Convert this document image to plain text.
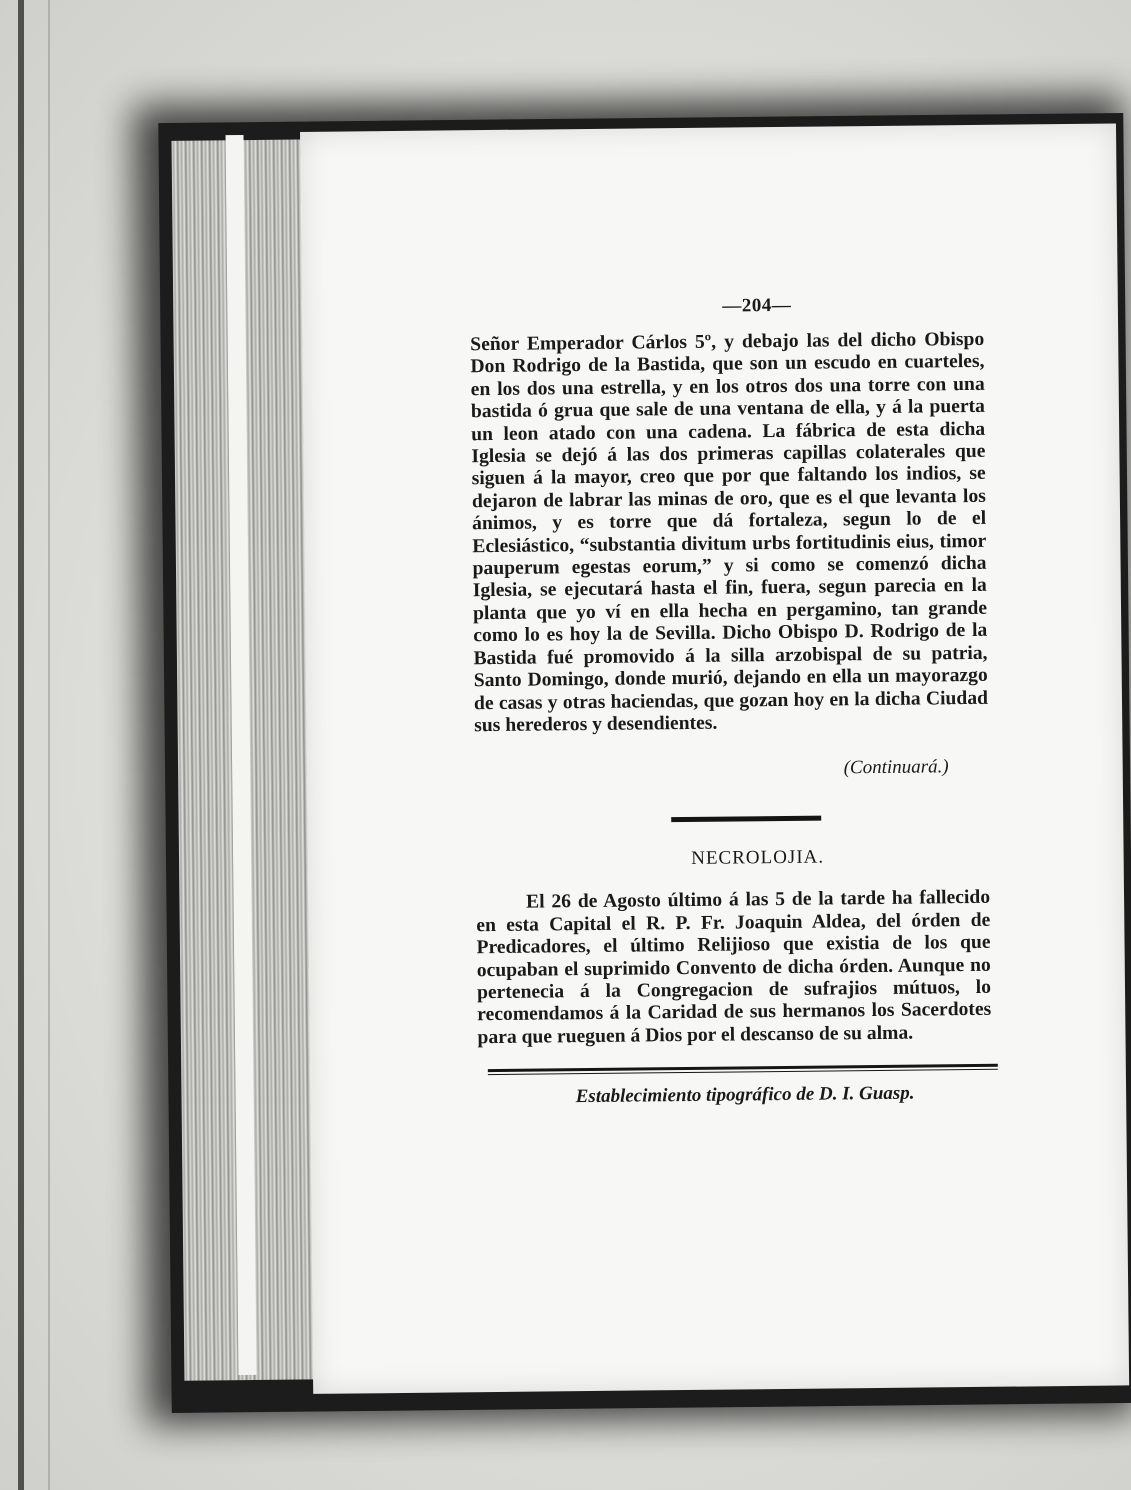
—204—

Señor Emperador Cárlos 5º, y debajo las del dicho Obispo Don Rodrigo de la Bastida, que son un escudo en cuarteles, en los dos una estrella, y en los otros dos una torre con una bastida ó grua que sale de una ventana de ella, y á la puerta un leon atado con una cadena. La fábrica de esta dicha Iglesia se dejó á las dos primeras capillas colaterales que siguen á la mayor, creo que por que faltando los indios, se dejaron de labrar las minas de oro, que es el que levanta los ánimos, y es torre que dá fortaleza, segun lo de el Eclesiástico, “substantia divitum urbs fortitudinis eius, timor pauperum egestas eorum,” y si como se comenzó dicha Iglesia, se ejecutará hasta el fin, fuera, segun parecia en la planta que yo ví en ella hecha en pergamino, tan grande como lo es hoy la de Sevilla. Dicho Obispo D. Rodrigo de la Bastida fué promovido á la silla arzobispal de su patria, Santo Domingo, donde murió, dejando en ella un mayorazgo de casas y otras haciendas, que gozan hoy en la dicha Ciudad sus herederos y desendientes.

(Continuará.)
NECROLOJIA.

El 26 de Agosto último á las 5 de la tarde ha fallecido en esta Capital el R. P. Fr. Joaquin Aldea, del órden de Predicadores, el último Relijioso que existia de los que ocupaban el suprimido Convento de dicha órden. Aunque no pertenecia á la Congregacion de sufrajios mútuos, lo recomendamos á la Caridad de sus hermanos los Sacerdotes para que rueguen á Dios por el descanso de su alma.

Establecimiento tipográfico de D. I. Guasp.
